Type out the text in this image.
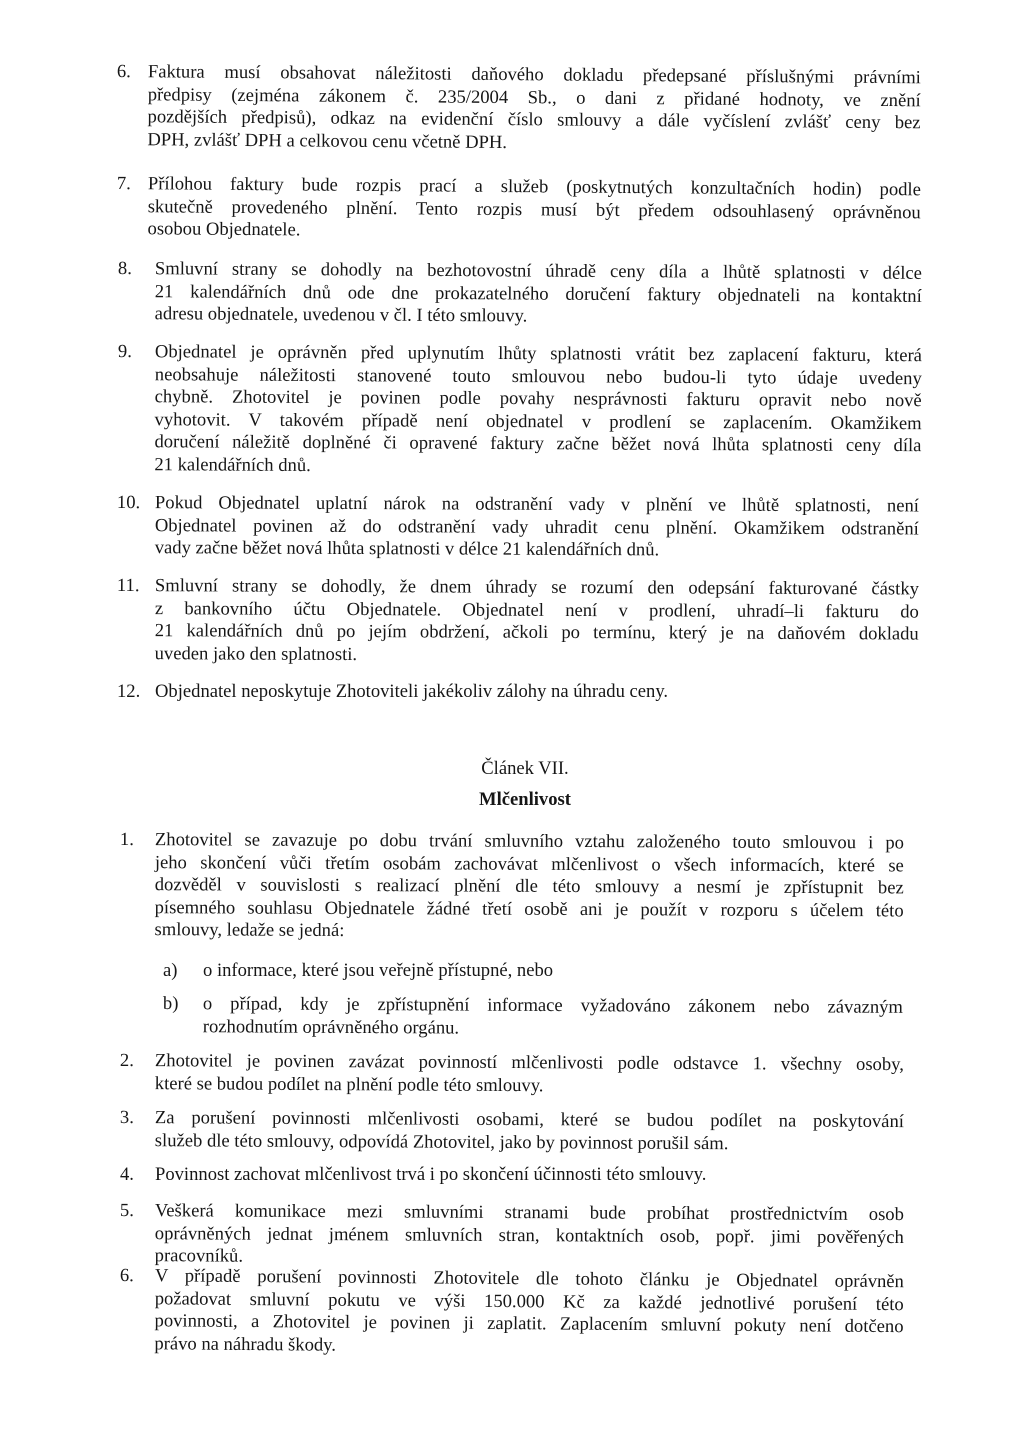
6. Faktura musí obsahovat náležitosti daňového dokladu předepsané příslušnými právními
předpisy (zejména zákonem č. 235/2004 Sb., o dani z přidané hodnoty, ve znění
pozdějších předpisů), odkaz na evidenční číslo smlouvy a dále vyčíslení zvlášť ceny bez
DPH, zvlášť DPH a celkovou cenu včetně DPH.
7. Přílohou faktury bude rozpis prací a služeb (poskytnutých konzultačních hodin) podle
skutečně provedeného plnění. Tento rozpis musí být předem odsouhlasený oprávněnou
osobou Objednatele.
8. Smluvní strany se dohodly na bezhotovostní úhradě ceny díla a lhůtě splatnosti v délce
21 kalendářních dnů ode dne prokazatelného doručení faktury objednateli na kontaktní
adresu objednatele, uvedenou v čl. I této smlouvy.
9. Objednatel je oprávněn před uplynutím lhůty splatnosti vrátit bez zaplacení fakturu, která
neobsahuje náležitosti stanovené touto smlouvou nebo budou-li tyto údaje uvedeny
chybně. Zhotovitel je povinen podle povahy nesprávnosti fakturu opravit nebo nově
vyhotovit. V takovém případě není objednatel v prodlení se zaplacením. Okamžikem
doručení náležitě doplněné či opravené faktury začne běžet nová lhůta splatnosti ceny díla
21 kalendářních dnů.
10. Pokud Objednatel uplatní nárok na odstranění vady v plnění ve lhůtě splatnosti, není
Objednatel povinen až do odstranění vady uhradit cenu plnění. Okamžikem odstranění
vady začne běžet nová lhůta splatnosti v délce 21 kalendářních dnů.
11. Smluvní strany se dohodly, že dnem úhrady se rozumí den odepsání fakturované částky
z bankovního účtu Objednatele. Objednatel není v prodlení, uhradí–li fakturu do
21 kalendářních dnů po jejím obdržení, ačkoli po termínu, který je na daňovém dokladu
uveden jako den splatnosti.
12. Objednatel neposkytuje Zhotoviteli jakékoliv zálohy na úhradu ceny.
Článek VII.
Mlčenlivost
1. Zhotovitel se zavazuje po dobu trvání smluvního vztahu založeného touto smlouvou i po
jeho skončení vůči třetím osobám zachovávat mlčenlivost o všech informacích, které se
dozvěděl v souvislosti s realizací plnění dle této smlouvy a nesmí je zpřístupnit bez
písemného souhlasu Objednatele žádné třetí osobě ani je použít v rozporu s účelem této
smlouvy, ledaže se jedná:
a) o informace, které jsou veřejně přístupné, nebo
b) o případ, kdy je zpřístupnění informace vyžadováno zákonem nebo závazným
rozhodnutím oprávněného orgánu.
2. Zhotovitel je povinen zavázat povinností mlčenlivosti podle odstavce 1. všechny osoby,
které se budou podílet na plnění podle této smlouvy.
3. Za porušení povinnosti mlčenlivosti osobami, které se budou podílet na poskytování
služeb dle této smlouvy, odpovídá Zhotovitel, jako by povinnost porušil sám.
4. Povinnost zachovat mlčenlivost trvá i po skončení účinnosti této smlouvy.
5. Veškerá komunikace mezi smluvními stranami bude probíhat prostřednictvím osob
oprávněných jednat jménem smluvních stran, kontaktních osob, popř. jimi pověřených
pracovníků.
6. V případě porušení povinnosti Zhotovitele dle tohoto článku je Objednatel oprávněn
požadovat smluvní pokutu ve výši 150.000 Kč za každé jednotlivé porušení této
povinnosti, a Zhotovitel je povinen ji zaplatit. Zaplacením smluvní pokuty není dotčeno
právo na náhradu škody.
